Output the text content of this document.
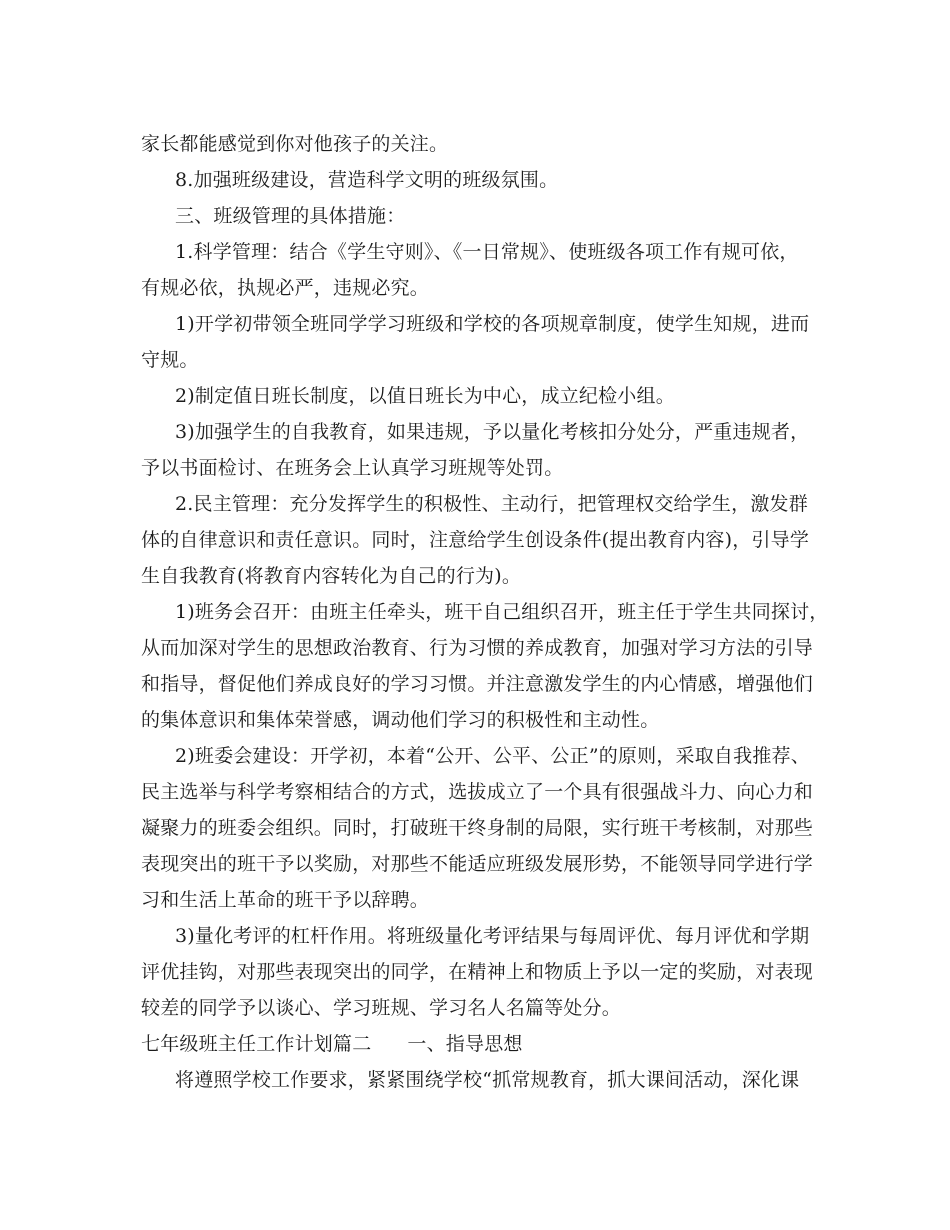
家长都能感觉到你对他孩子的关注。
8.加强班级建设，营造科学文明的班级氛围。
三、班级管理的具体措施：
1.科学管理：结合《学生守则》、《一日常规》、使班级各项工作有规可依，
有规必依，执规必严，违规必究。
1)开学初带领全班同学学习班级和学校的各项规章制度，使学生知规，进而
守规。
2)制定值日班长制度，以值日班长为中心，成立纪检小组。
3)加强学生的自我教育，如果违规，予以量化考核扣分处分，严重违规者，
予以书面检讨、在班务会上认真学习班规等处罚。
2.民主管理：充分发挥学生的积极性、主动行，把管理权交给学生，激发群
体的自律意识和责任意识。同时，注意给学生创设条件(提出教育内容)，引导学
生自我教育(将教育内容转化为自己的行为)。
1)班务会召开：由班主任牵头，班干自己组织召开，班主任于学生共同探讨，
从而加深对学生的思想政治教育、行为习惯的养成教育，加强对学习方法的引导
和指导，督促他们养成良好的学习习惯。并注意激发学生的内心情感，增强他们
的集体意识和集体荣誉感，调动他们学习的积极性和主动性。
2)班委会建设：开学初，本着“公开、公平、公正”的原则，采取自我推荐、
民主选举与科学考察相结合的方式，选拔成立了一个具有很强战斗力、向心力和
凝聚力的班委会组织。同时，打破班干终身制的局限，实行班干考核制，对那些
表现突出的班干予以奖励，对那些不能适应班级发展形势，不能领导同学进行学
习和生活上革命的班干予以辞聘。
3)量化考评的杠杆作用。将班级量化考评结果与每周评优、每月评优和学期
评优挂钩，对那些表现突出的同学，在精神上和物质上予以一定的奖励，对表现
较差的同学予以谈心、学习班规、学习名人名篇等处分。
七年级班主任工作计划篇二 一、指导思想
将遵照学校工作要求，紧紧围绕学校“抓常规教育，抓大课间活动，深化课
